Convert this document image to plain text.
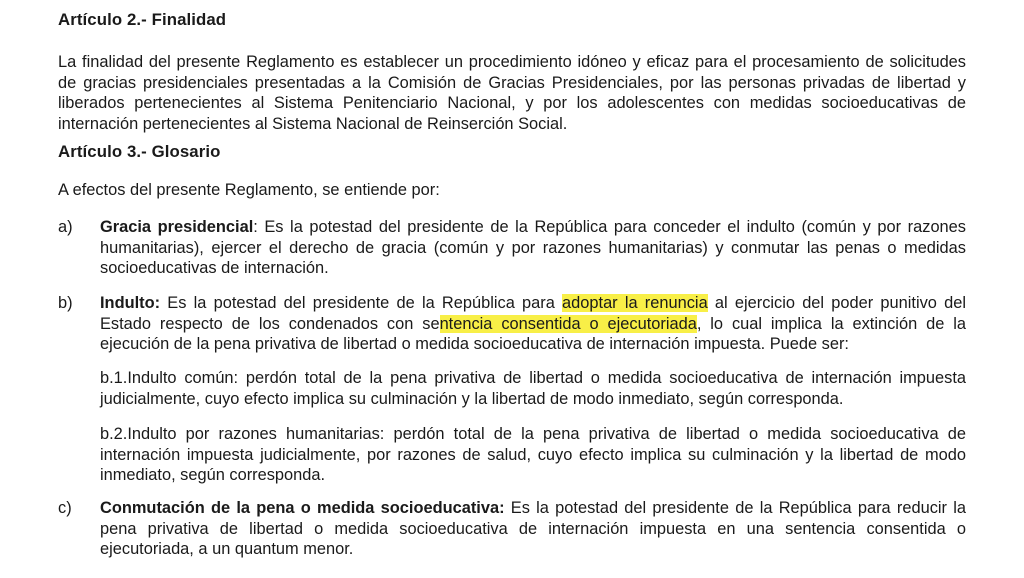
Artículo 2.- Finalidad
La finalidad del presente Reglamento es establecer un procedimiento idóneo y eficaz para el procesamiento de solicitudes de gracias presidenciales presentadas a la Comisión de Gracias Presidenciales, por las personas privadas de libertad y liberados pertenecientes al Sistema Penitenciario Nacional, y por los adolescentes con medidas socioeducativas de internación pertenecientes al Sistema Nacional de Reinserción Social.
Artículo 3.- Glosario
A efectos del presente Reglamento, se entiende por:
a) Gracia presidencial: Es la potestad del presidente de la República para conceder el indulto (común y por razones humanitarias), ejercer el derecho de gracia (común y por razones humanitarias) y conmutar las penas o medidas socioeducativas de internación.
b) Indulto: Es la potestad del presidente de la República para adoptar la renuncia al ejercicio del poder punitivo del Estado respecto de los condenados con sentencia consentida o ejecutoriada, lo cual implica la extinción de la ejecución de la pena privativa de libertad o medida socioeducativa de internación impuesta. Puede ser:
b.1.Indulto común: perdón total de la pena privativa de libertad o medida socioeducativa de internación impuesta judicialmente, cuyo efecto implica su culminación y la libertad de modo inmediato, según corresponda.
b.2.Indulto por razones humanitarias: perdón total de la pena privativa de libertad o medida socioeducativa de internación impuesta judicialmente, por razones de salud, cuyo efecto implica su culminación y la libertad de modo inmediato, según corresponda.
c) Conmutación de la pena o medida socioeducativa: Es la potestad del presidente de la República para reducir la pena privativa de libertad o medida socioeducativa de internación impuesta en una sentencia consentida o ejecutoriada, a un quantum menor.
